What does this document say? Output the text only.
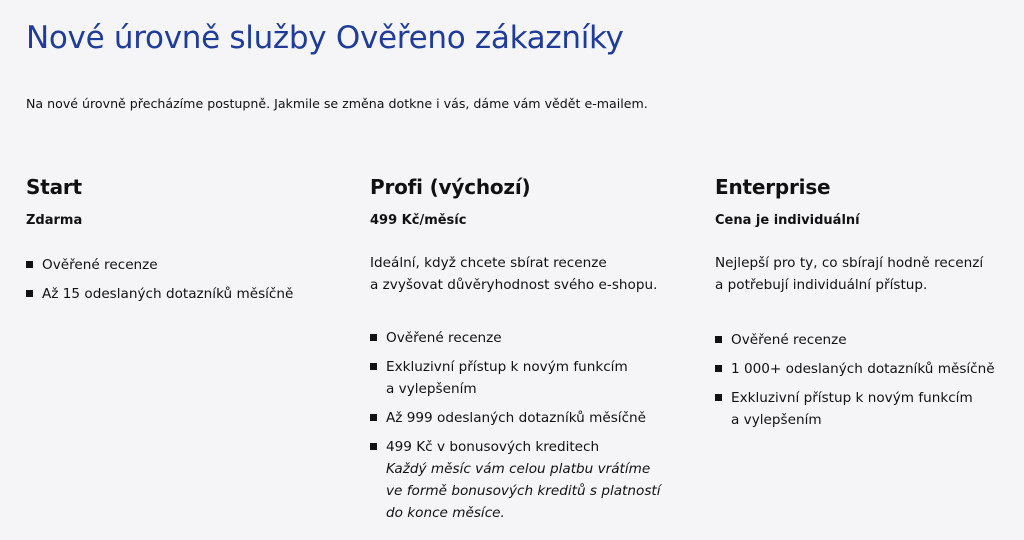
Nové úrovně služby Ověřeno zákazníky

Na nové úrovně přecházíme postupně. Jakmile se změna dotkne i vás, dáme vám vědět e-mailem.

Start
Zdarma
Ověřené recenze
Až 15 odeslaných dotazníků měsíčně
Profi (výchozí)
499 Kč/měsíc

Ideální, když chcete sbírat recenze
a zvyšovat důvěryhodnost svého e-shopu.

Ověřené recenze
Exkluzivní přístup k novým funkcím
a vylepšením
Až 999 odeslaných dotazníků měsíčně
499 Kč v bonusových kreditech
Každý měsíc vám celou platbu vrátíme
ve formě bonusových kreditů s platností
do konce měsíce.
Enterprise
Cena je individuální

Nejlepší pro ty, co sbírají hodně recenzí
a potřebují individuální přístup.

Ověřené recenze
1 000+ odeslaných dotazníků měsíčně
Exkluzivní přístup k novým funkcím
a vylepšením
